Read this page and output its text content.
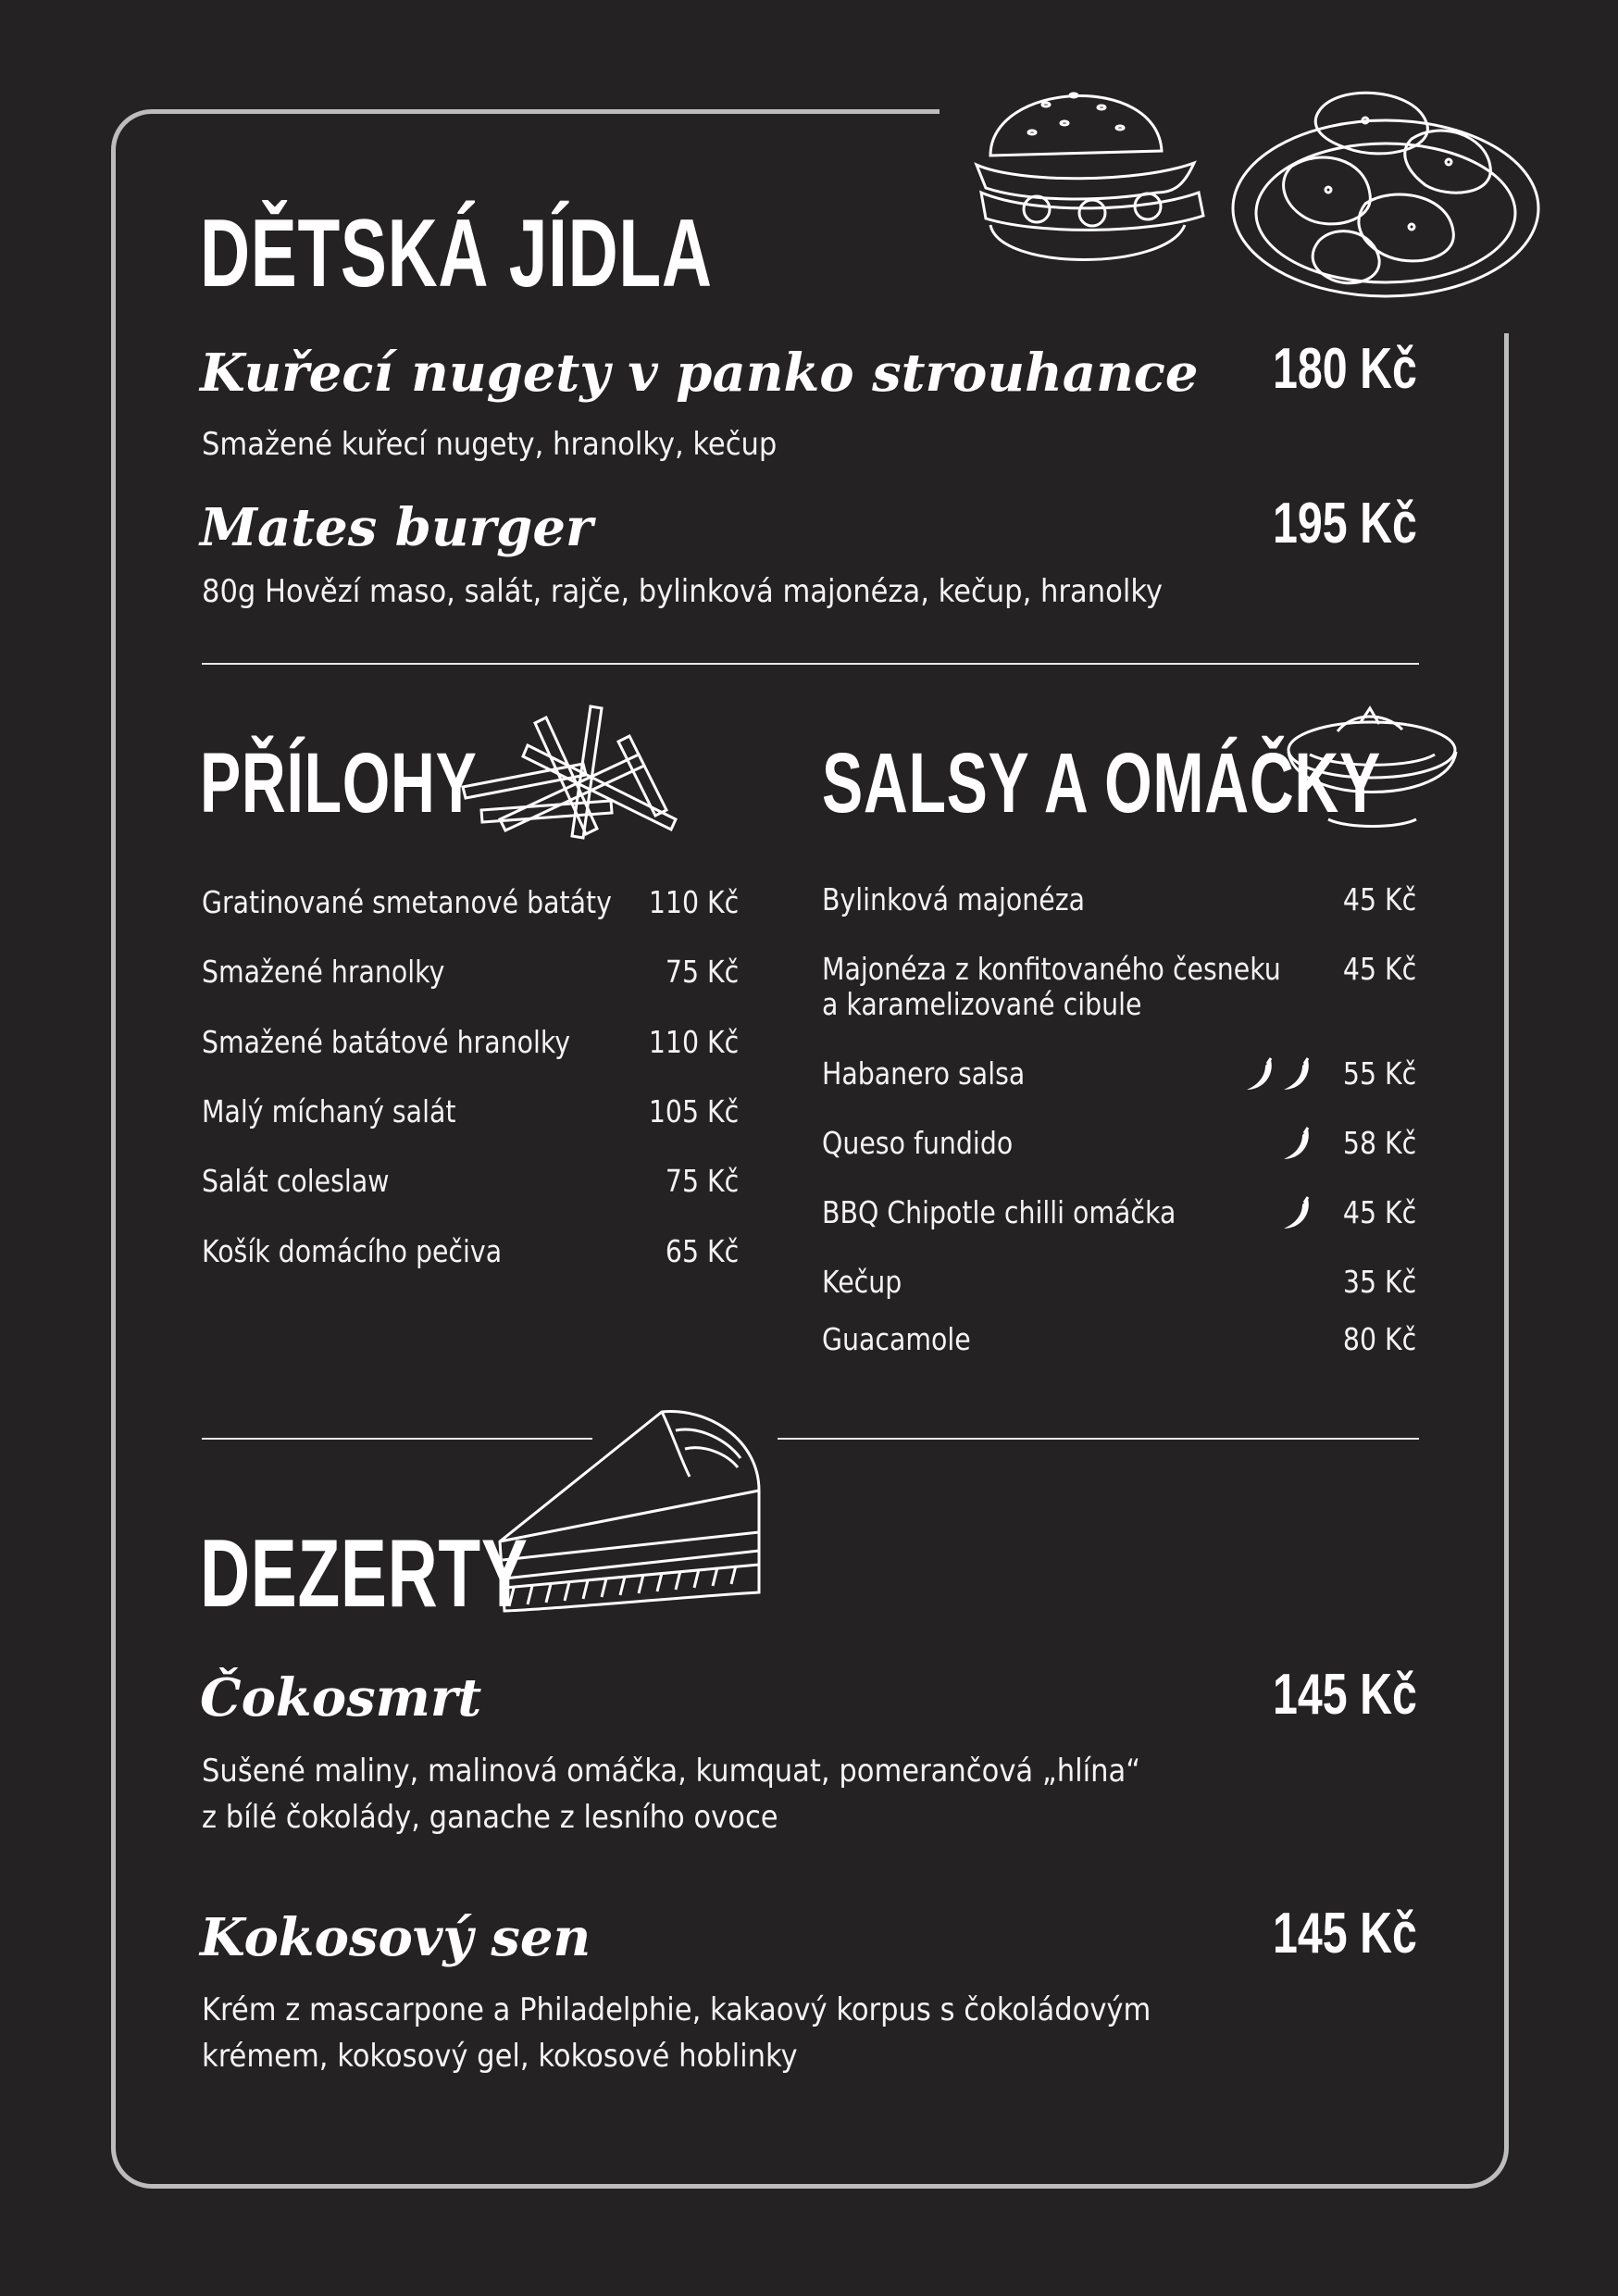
DĚTSKÁ JÍDLA
Kuřecí nugety v panko strouhance 180 Kč
Smažené kuřecí nugety, hranolky, kečup
Mates burger	195 Kč
80g Hovězí maso, salát, rajče, bylinková majonéza, kečup, hranolky
PŘÍLOHY
Gratinované smetanové batáty 110 Kč
Smažené hranolky	75 Kč
Smažené batátové hranolky	110 Kč
Malý míchaný salát	105 Kč
Salát coleslaw	75 Kč
Košík domácího pečiva	65 Kč
SALSY A OMÁČKY
Bylinková majonéza	45 Kč
Majonéza z konfitovaného česneku 45 Kč
a karamelizované cibule
Habanero salsa	55 Kč
Queso fundido	58 Kč
BBQ Chipotle chilli omáčka	45 Kč
Kečup	35 Kč
Guacamole	80 Kč
DEZERTY
Čokosmrt	145 Kč
Sušené maliny, malinová omáčka, kumquat, pomerančová „hlína“
z bílé čokolády, ganache z lesního ovoce
Kokosový sen	145 Kč
Krém z mascarpone a Philadelphie, kakaový korpus s čokoládovým
krémem, kokosový gel, kokosové hoblinky
